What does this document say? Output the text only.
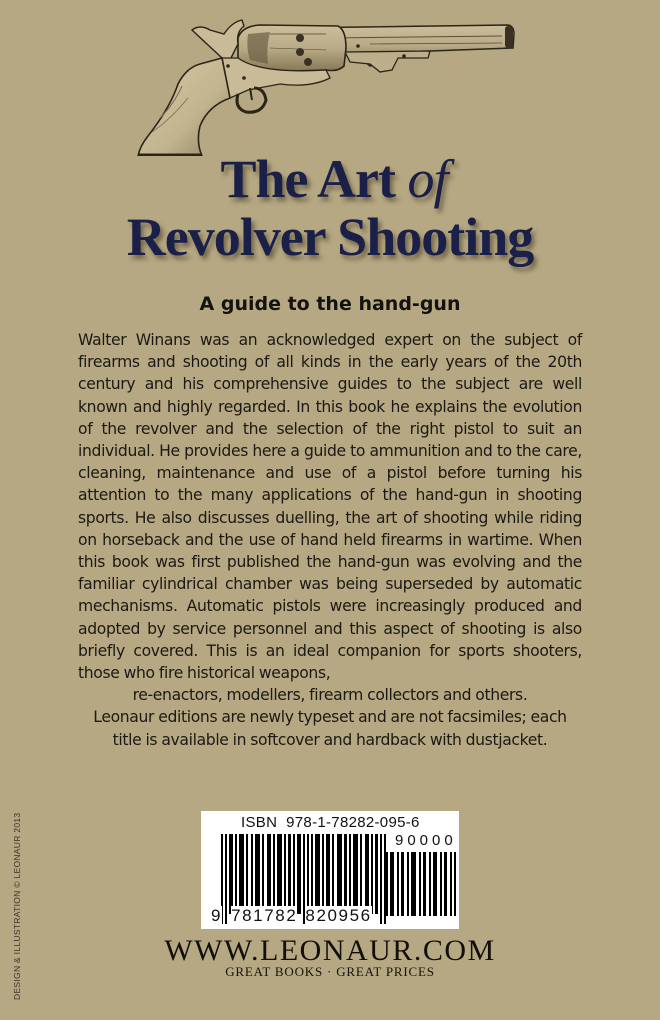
The Art of
Revolver Shooting
A guide to the hand-gun

Walter Winans was an acknowledged expert on the subject of firearms and shooting of all kinds in the early years of the 20th century and his comprehensive guides to the subject are well known and highly regarded. In this book he explains the evolution of the revolver and the selection of the right pistol to suit an individual. He provides here a guide to ammunition and to the care, cleaning, maintenance and use of a pistol before turning his attention to the many applications of the hand-gun in shooting sports. He also discusses duelling, the art of shooting while riding on horseback and the use of hand held firearms in wartime. When this book was first published the hand-gun was evolving and the familiar cylindrical chamber was being superseded by automatic mechanisms. Automatic pistols were increasingly produced and adopted by service personnel and this aspect of shooting is also briefly covered. This is an ideal companion for sports shooters, those who fire historical weapons,

re-enactors, modellers, firearm collectors and others.

Leonaur editions are newly typeset and are not facsimiles; each title is available in softcover and hardback with dustjacket.

DESIGN & ILLUSTRATION © LEONAUR 2013	ISBN  978-1-78282-095-6
90000
9 781782 820956
WWW.LEONAUR.COM
GREAT BOOKS · GREAT PRICES
